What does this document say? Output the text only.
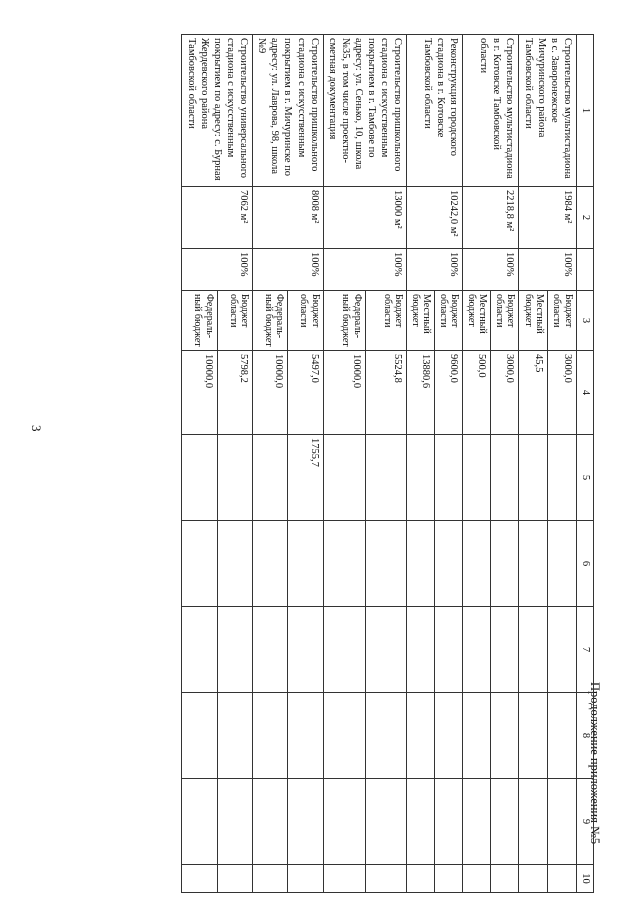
3
Продолжение приложения №5
1	2		3	4	5	6	7	8	9	10
Строительство мультистадиона в с. Заворонежское Мичуринского района Тамбовской области	1984 м²	100%	Бюджет области	3000,0						
			Местный бюджет	45,5						
Строительство мультистадиона в г. Котовске Тамбовской области	2218,8 м²	100%	Бюджет области	3000,0						
			Местный бюджет	500,0						
Реконструкция городского стадиона в г. Котовске Тамбовской области	10242,0 м²	100%	Бюджет области	9600,0						
			Местный бюджет	13880,6						
Строительство пришкольного стадиона с искусственным покрытием в г. Тамбове по адресу: ул. Сенько, 10, школа №35, в том числе проектно-сметная документация	13000 м²	100%	Бюджет области	5524,8						
			Федераль-ный бюджет	10000,0						
Строительство пришкольного стадиона с искусственным покрытием в г. Мичуринске по адресу: ул. Лаврова, 98, школа №9	8008 м²	100%	Бюджет области	5497,0	1755,7					
			Федераль-ный бюджет	10000,0						
Строительство универсального стадиона с искусственным покрытием по адресу: с. Бурная Жердевского района Тамбовской области	7062 м²	100%	Бюджет области	5798,2						
			Федераль-ный бюджет	10000,0						
